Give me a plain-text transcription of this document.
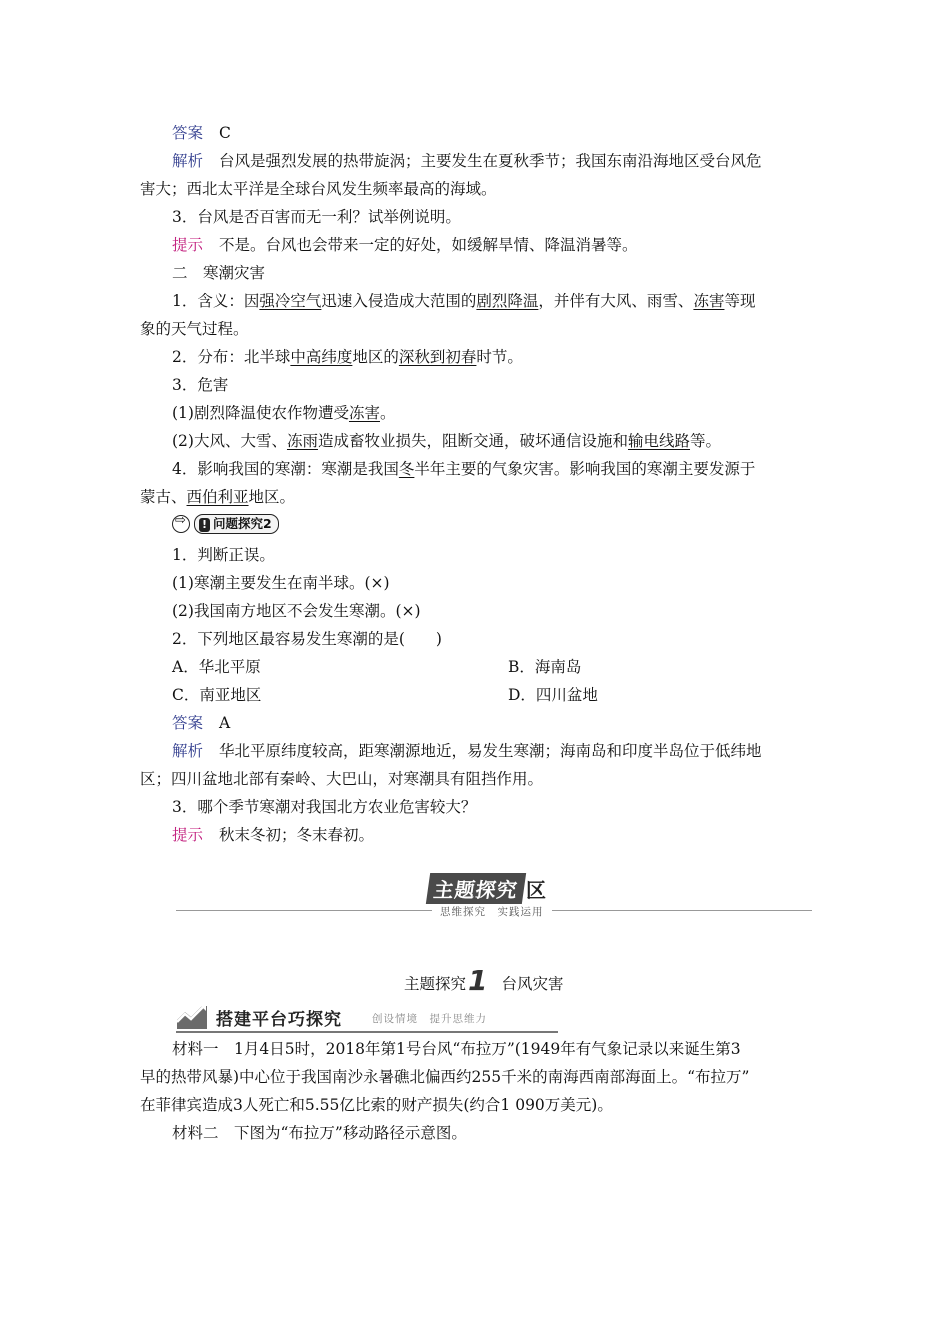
答案 C
解析 台风是强烈发展的热带旋涡；主要发生在夏秋季节；我国东南沿海地区受台风危
害大；西北太平洋是全球台风发生频率最高的海域。
3．台风是否百害而无一利？试举例说明。
提示 不是。台风也会带来一定的好处，如缓解旱情、降温消暑等。
二　寒潮灾害
1．含义：因强冷空气迅速入侵造成大范围的剧烈降温，并伴有大风、雨雪、冻害等现
象的天气过程。
2．分布：北半球中高纬度地区的深秋到初春时节。
3．危害
(1)剧烈降温使农作物遭受冻害。
(2)大风、大雪、冻雨造成畜牧业损失，阻断交通，破坏通信设施和输电线路等。
4．影响我国的寒潮：寒潮是我国冬半年主要的气象灾害。影响我国的寒潮主要发源于
蒙古、西伯利亚地区。
⇨ ! 问题探究2
1．判断正误。
(1)寒潮主要发生在南半球。(×)
(2)我国南方地区不会发生寒潮。(×)
2．下列地区最容易发生寒潮的是(　　)
A．华北平原	B．海南岛
C．南亚地区	D．四川盆地
答案 A
解析 华北平原纬度较高，距寒潮源地近，易发生寒潮；海南岛和印度半岛位于低纬地
区；四川盆地北部有秦岭、大巴山，对寒潮具有阻挡作用。
3．哪个季节寒潮对我国北方农业危害较大？
提示 秋末冬初；冬末春初。
主题探究 区
思维探究　实践运用
主题探究 1 台风灾害
搭建平台巧探究	创设情境　提升思维力
材料一　1月4日5时，2018年第1号台风“布拉万”(1949年有气象记录以来诞生第3
早的热带风暴)中心位于我国南沙永暑礁北偏西约255千米的南海西南部海面上。“布拉万”
在菲律宾造成3人死亡和5.55亿比索的财产损失(约合1 090万美元)。
材料二　下图为“布拉万”移动路径示意图。
